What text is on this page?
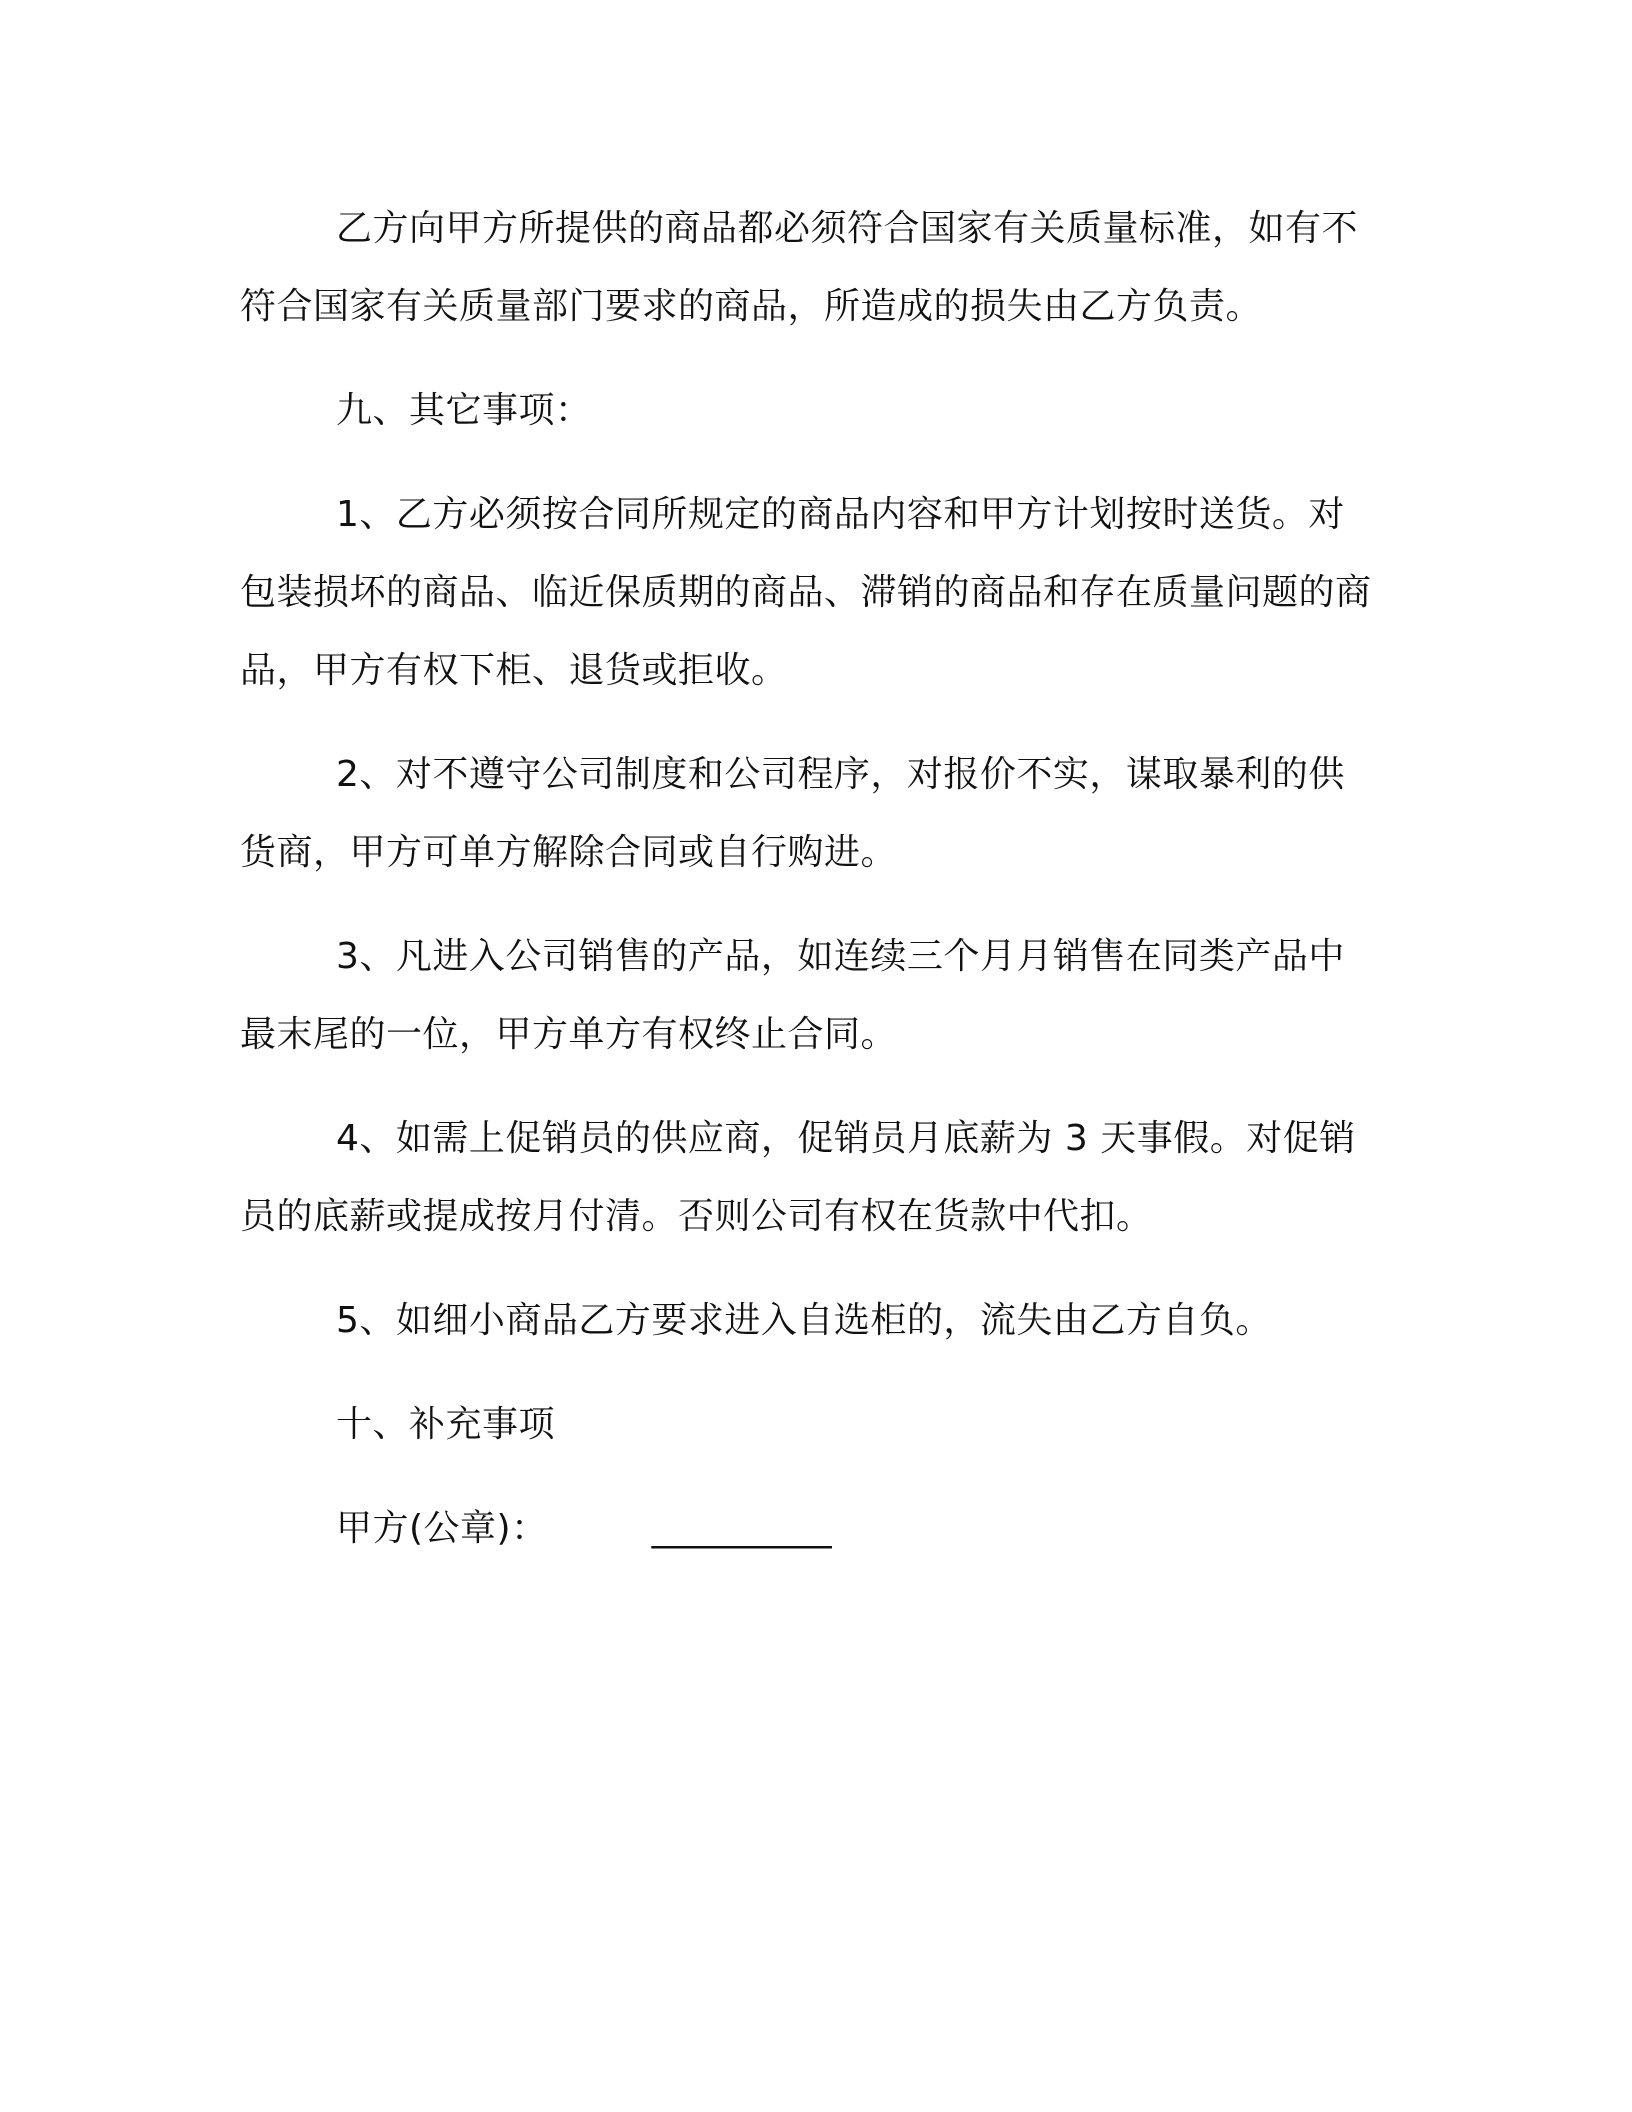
乙方向甲方所提供的商品都必须符合国家有关质量标准，如有不符合国家有关质量部门要求的商品，所造成的损失由乙方负责。

九、其它事项：

1、乙方必须按合同所规定的商品内容和甲方计划按时送货。对包装损坏的商品、临近保质期的商品、滞销的商品和存在质量问题的商品，甲方有权下柜、退货或拒收。

2、对不遵守公司制度和公司程序，对报价不实，谋取暴利的供货商，甲方可单方解除合同或自行购进。

3、凡进入公司销售的产品，如连续三个月月销售在同类产品中最末尾的一位，甲方单方有权终止合同。

4、如需上促销员的供应商，促销员月底薪为 3 天事假。对促销员的底薪或提成按月付清。否则公司有权在货款中代扣。

5、如细小商品乙方要求进入自选柜的，流失由乙方自负。

十、补充事项

甲方(公章)：	__________
